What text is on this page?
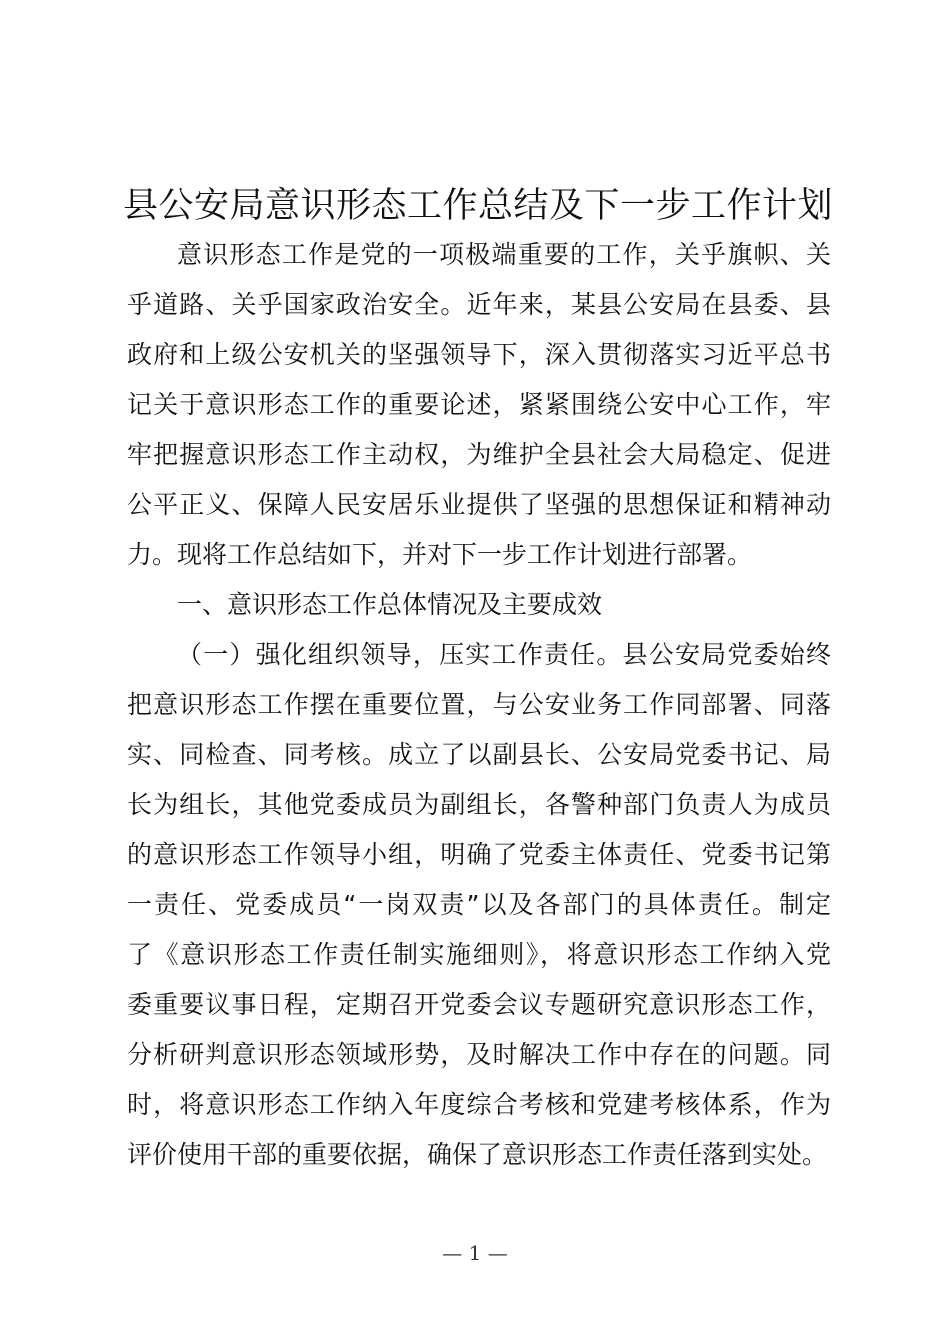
县公安局意识形态工作总结及下一步工作计划
意识形态工作是党的一项极端重要的工作，关乎旗帜、关
乎道路、关乎国家政治安全。近年来，某县公安局在县委、县
政府和上级公安机关的坚强领导下，深入贯彻落实习近平总书
记关于意识形态工作的重要论述，紧紧围绕公安中心工作，牢
牢把握意识形态工作主动权，为维护全县社会大局稳定、促进
公平正义、保障人民安居乐业提供了坚强的思想保证和精神动
力。现将工作总结如下，并对下一步工作计划进行部署。
一、意识形态工作总体情况及主要成效
（一）强化组织领导，压实工作责任。县公安局党委始终
把意识形态工作摆在重要位置，与公安业务工作同部署、同落
实、同检查、同考核。成立了以副县长、公安局党委书记、局
长为组长，其他党委成员为副组长，各警种部门负责人为成员
的意识形态工作领导小组，明确了党委主体责任、党委书记第
一责任、党委成员“一岗双责”以及各部门的具体责任。制定
了《意识形态工作责任制实施细则》，将意识形态工作纳入党
委重要议事日程，定期召开党委会议专题研究意识形态工作，
分析研判意识形态领域形势，及时解决工作中存在的问题。同
时，将意识形态工作纳入年度综合考核和党建考核体系，作为
评价使用干部的重要依据，确保了意识形态工作责任落到实处。
— 1 —
